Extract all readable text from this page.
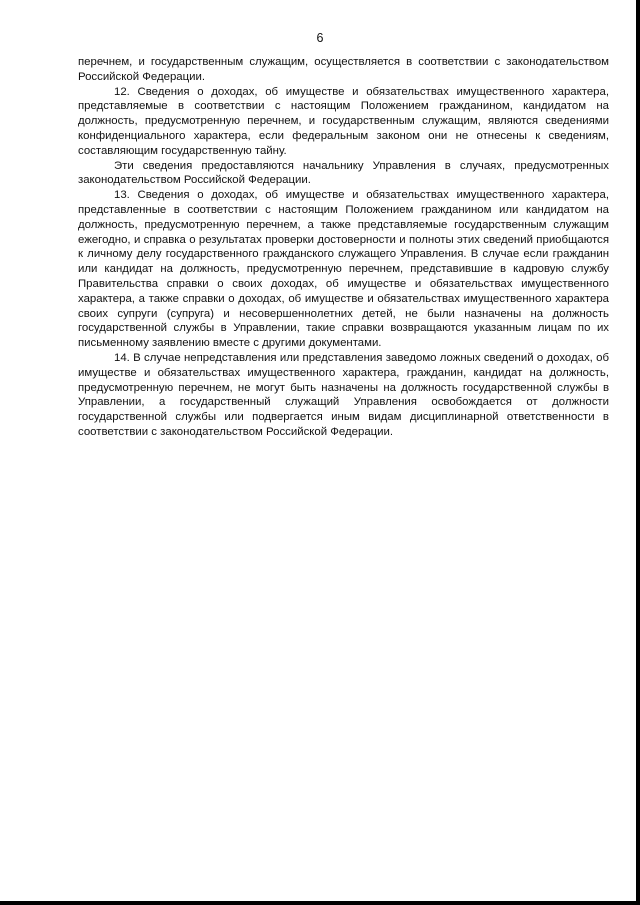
6

перечнем, и государственным служащим, осуществляется в соответствии с законодательством Российской Федерации.

12. Сведения о доходах, об имуществе и обязательствах имущественного характера, представляемые в соответствии с настоящим Положением гражданином, кандидатом на должность, предусмотренную перечнем, и государственным служащим, являются сведениями конфиденциального характера, если федеральным законом они не отнесены к сведениям, составляющим государственную тайну.

Эти сведения предоставляются начальнику Управления в случаях, предусмотренных законодательством Российской Федерации.

13. Сведения о доходах, об имуществе и обязательствах имущественного характера, представленные в соответствии с настоящим Положением гражданином или кандидатом на должность, предусмотренную перечнем, а также представляемые государственным служащим ежегодно, и справка о результатах проверки достоверности и полноты этих сведений приобщаются к личному делу государственного гражданского служащего Управления. В случае если гражданин или кандидат на должность, предусмотренную перечнем, представившие в кадровую службу Правительства справки о своих доходах, об имуществе и обязательствах имущественного характера, а также справки о доходах, об имуществе и обязательствах имущественного характера своих супруги (супруга) и несовершеннолетних детей, не были назначены на должность государственной службы в Управлении, такие справки возвращаются указанным лицам по их письменному заявлению вместе с другими документами.

14. В случае непредставления или представления заведомо ложных сведений о доходах, об имуществе и обязательствах имущественного характера, гражданин, кандидат на должность, предусмотренную перечнем, не могут быть назначены на должность государственной службы в Управлении, а государственный служащий Управления освобождается от должности государственной службы или подвергается иным видам дисциплинарной ответственности в соответствии с законодательством Российской Федерации.
